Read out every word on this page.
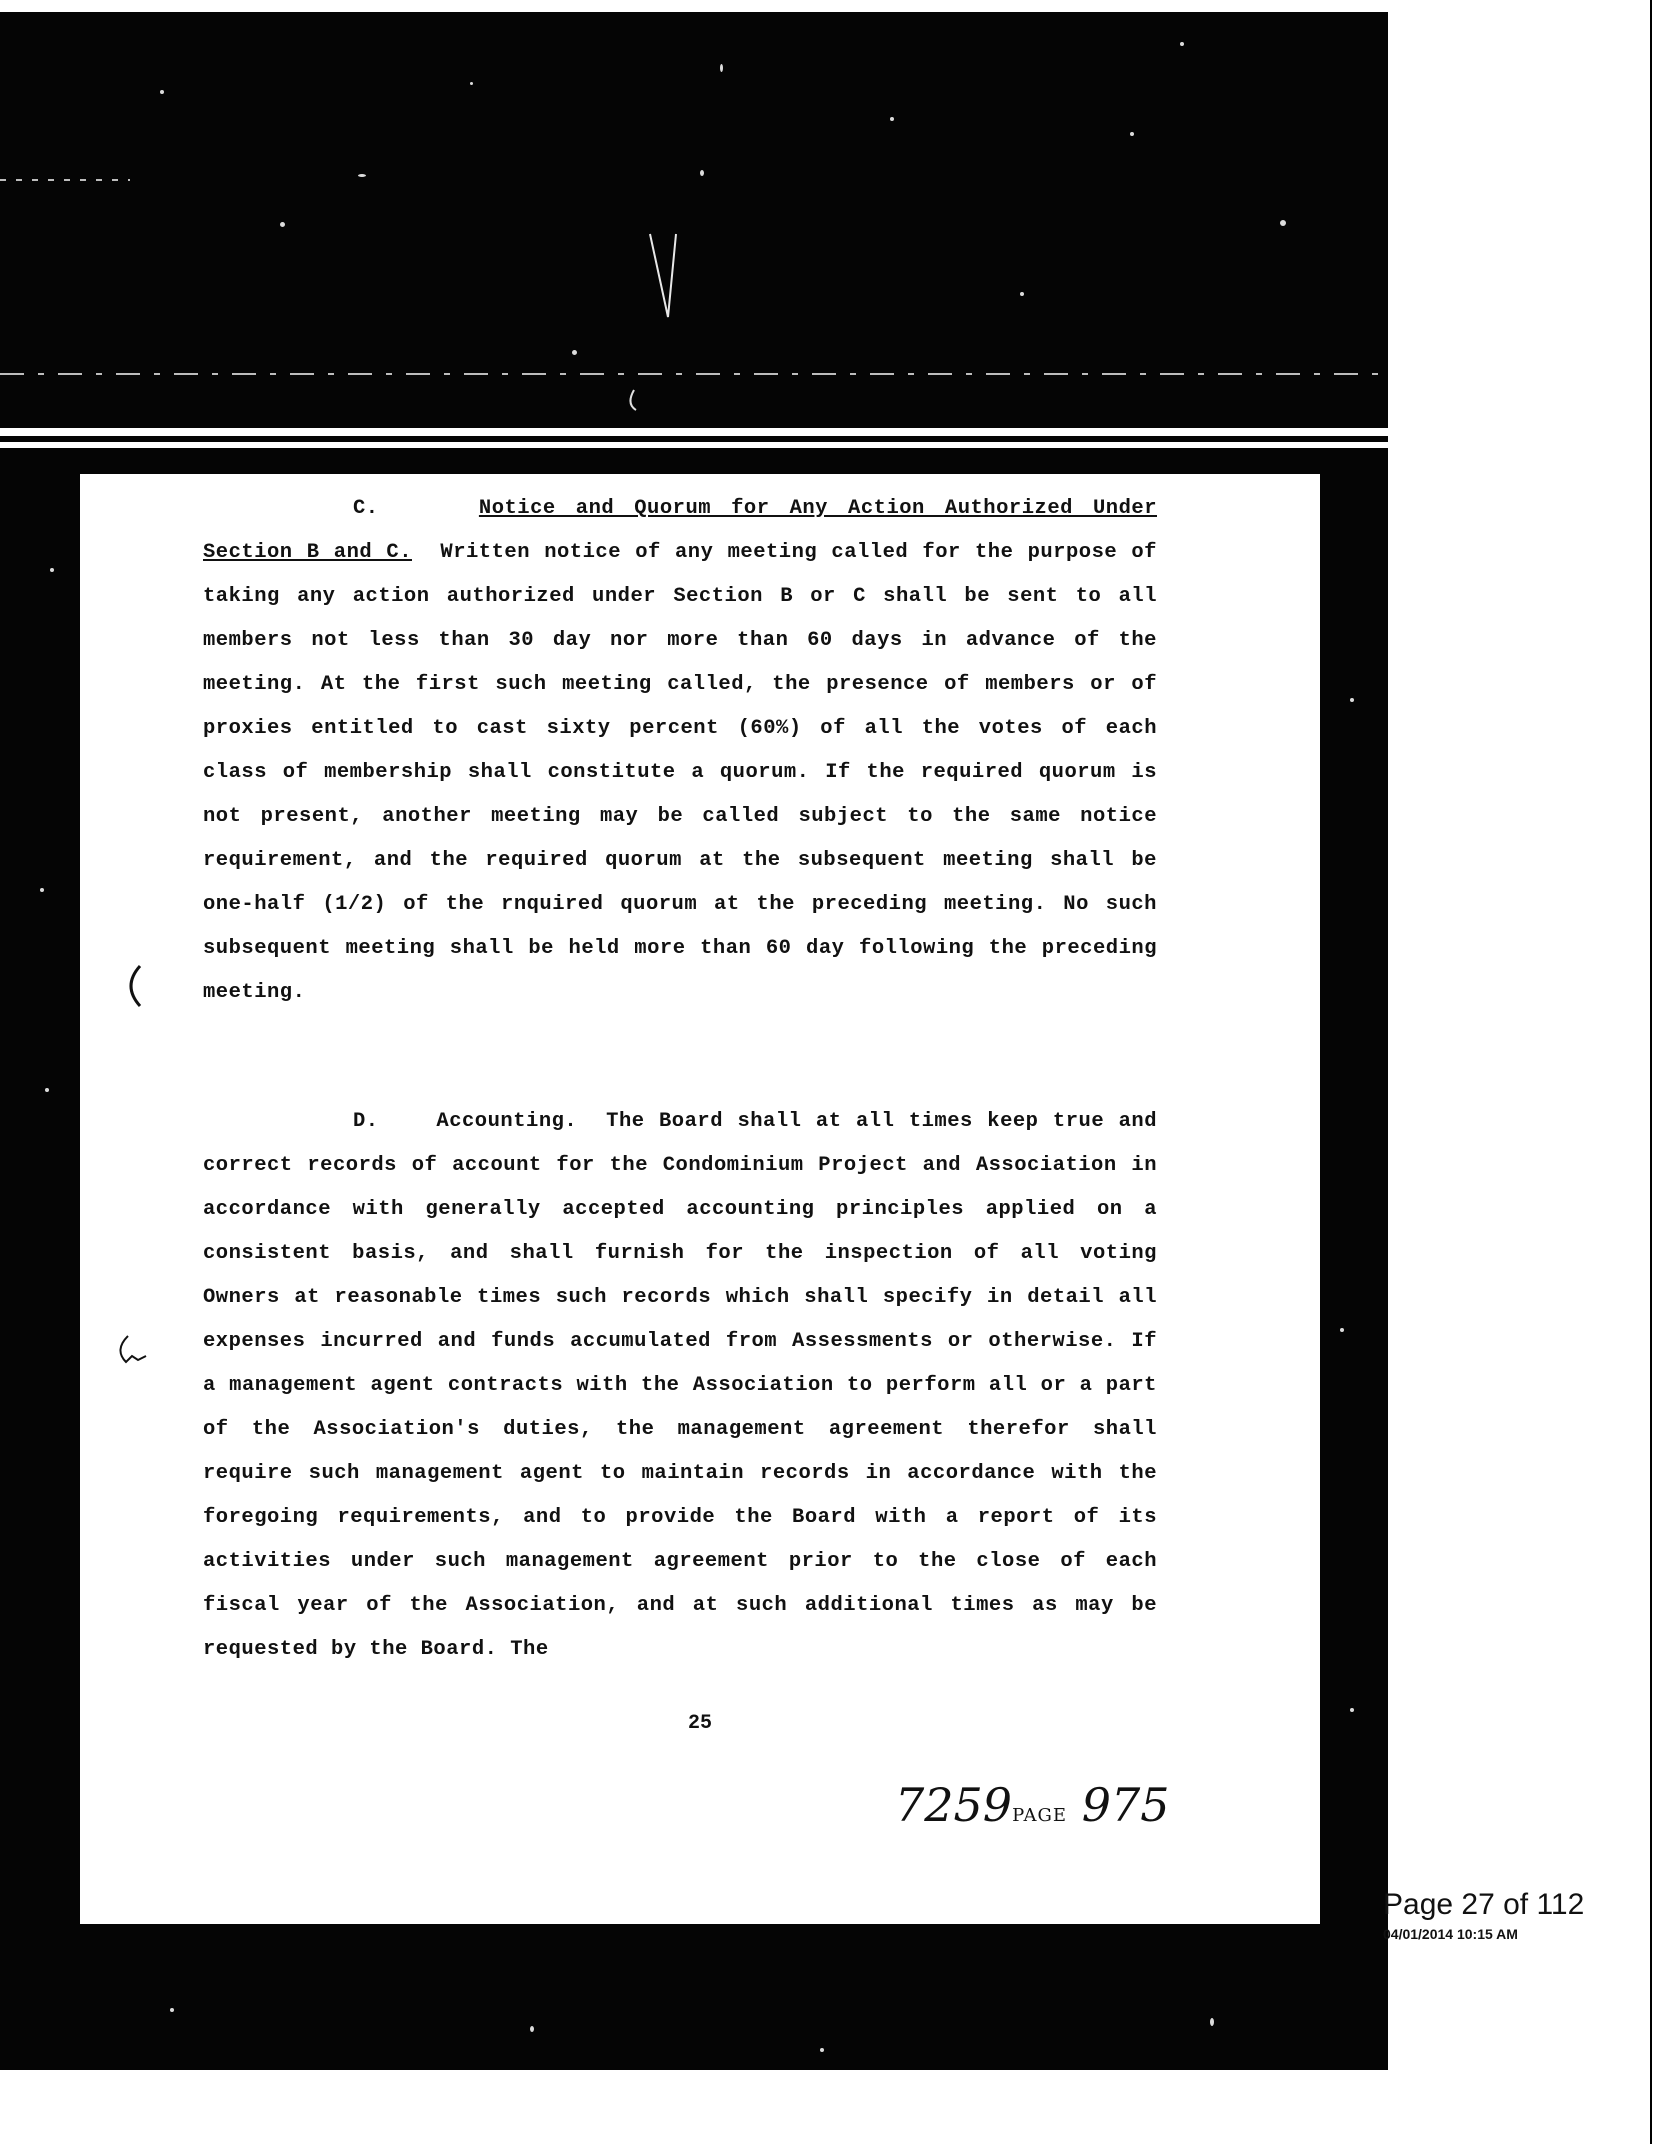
C.	Notice and Quorum for Any Action Authorized Under Section B and C. Written notice of any meeting called for the purpose of taking any action authorized under Section B or C shall be sent to all members not less than 30 day nor more than 60 days in advance of the meeting. At the first such meeting called, the presence of members or of proxies entitled to cast sixty percent (60%) of all the votes of each class of membership shall constitute a quorum. If the required quorum is not present, another meeting may be called subject to the same notice requirement, and the required quorum at the subsequent meeting shall be one-half (1/2) of the rnquired quorum at the preceding meeting. No such subsequent meeting shall be held more than 60 day following the preceding meeting.

D.	Accounting. The Board shall at all times keep true and correct records of account for the Condominium Project and Association in accordance with generally accepted accounting principles applied on a consistent basis, and shall furnish for the inspection of all voting Owners at reasonable times such records which shall specify in detail all expenses incurred and funds accumulated from Assessments or otherwise. If a management agent contracts with the Association to perform all or a part of the Association's duties, the management agreement therefor shall require such management agent to maintain records in accordance with the foregoing requirements, and to provide the Board with a report of its activities under such management agreement prior to the close of each fiscal year of the Association, and at such additional times as may be requested by the Board. The

25
7259PAGE 975
Page 27 of 112
04/01/2014 10:15 AM
